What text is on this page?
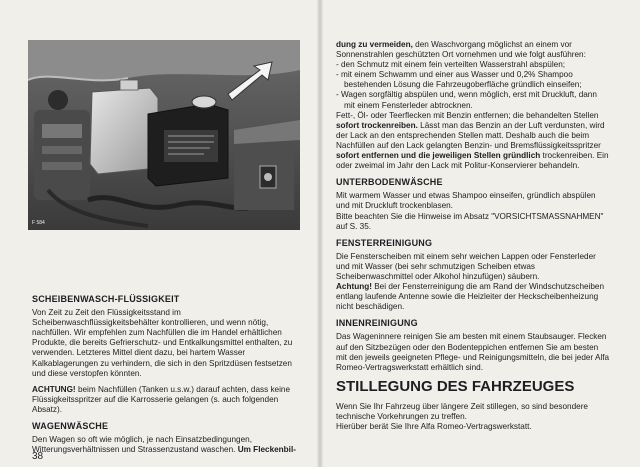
F 584
SCHEIBENWASCH-FLÜSSIGKEIT

Von Zeit zu Zeit den Flüssigkeitsstand im Scheibenwaschflüssigkeitsbehälter kontrollieren, und wenn nötig, nachfüllen. Wir empfehlen zum Nachfüllen die im Handel erhältlichen Produkte, die bereits Gefrierschutz- und Entkalkungsmittel enthalten, zu verwenden. Letzteres Mittel dient dazu, bei hartem Wasser Kalkablagerungen zu verhindern, die sich in den Spritzdüsen festsetzen und diese verstopfen könnten.

ACHTUNG! beim Nachfüllen (Tanken u.s.w.) darauf achten, dass keine Flüssigkeitsspritzer auf die Karrosserie gelangen (s. auch folgenden Absatz).

WAGENWÄSCHE

Den Wagen so oft wie möglich, je nach Einsatzbedingungen, Witterungsverhältnissen und Strassenzustand waschen. Um Fleckenbil-

38

dung zu vermeiden, den Waschvorgang möglichst an einem vor Sonnenstrahlen geschützten Ort vornehmen und wie folgt ausführen:

- den Schmutz mit einem fein verteilten Wasserstrahl abspülen;
- mit einem Schwamm und einer aus Wasser und 0,2% Shampoo bestehenden Lösung die Fahrzeugoberfläche gründlich einseifen;
- Wagen sorgfältig abspülen und, wenn möglich, erst mit Druckluft, dann mit einem Fensterleder abtrocknen.

Fett-, Öl- oder Teerflecken mit Benzin entfernen; die behandelten Stellen sofort trockenreiben. Lässt man das Benzin an der Luft verdunsten, wird der Lack an den entsprechenden Stellen matt. Deshalb auch die beim Nachfüllen auf den Lack gelangten Benzin- und Bremsflüssigkeitsspritzer sofort entfernen und die jeweiligen Stellen gründlich trockenreiben. Ein oder zweimal im Jahr den Lack mit Politur-Konservierer behandeln.

UNTERBODENWÄSCHE

Mit warmem Wasser und etwas Shampoo einseifen, gründlich abspülen und mit Druckluft trockenblasen.

Bitte beachten Sie die Hinweise im Absatz "VORSICHTSMASSNAHMEN" auf S. 35.

FENSTERREINIGUNG

Die Fensterscheiben mit einem sehr weichen Lappen oder Fensterleder und mit Wasser (bei sehr schmutzigen Scheiben etwas Scheibenwaschmittel oder Alkohol hinzufügen) säubern.

Achtung! Bei der Fensterreinigung die am Rand der Windschutzscheiben entlang laufende Antenne sowie die Heizleiter der Heckscheibenheizung nicht beschädigen.

INNENREINIGUNG

Das Wageninnere reinigen Sie am besten mit einem Staubsauger. Flecken auf den Sitzbezügen oder den Bodenteppichen entfernen Sie am besten mit den jeweils geeigneten Pflege- und Reinigungsmitteln, die bei jeder Alfa Romeo-Vertragswerkstatt erhältlich sind.

STILLEGUNG DES FAHRZEUGES

Wenn Sie Ihr Fahrzeug über längere Zeit stillegen, so sind besondere technische Vorkehrungen zu treffen.

Hierüber berät Sie Ihre Alfa Romeo-Vertragswerkstatt.
